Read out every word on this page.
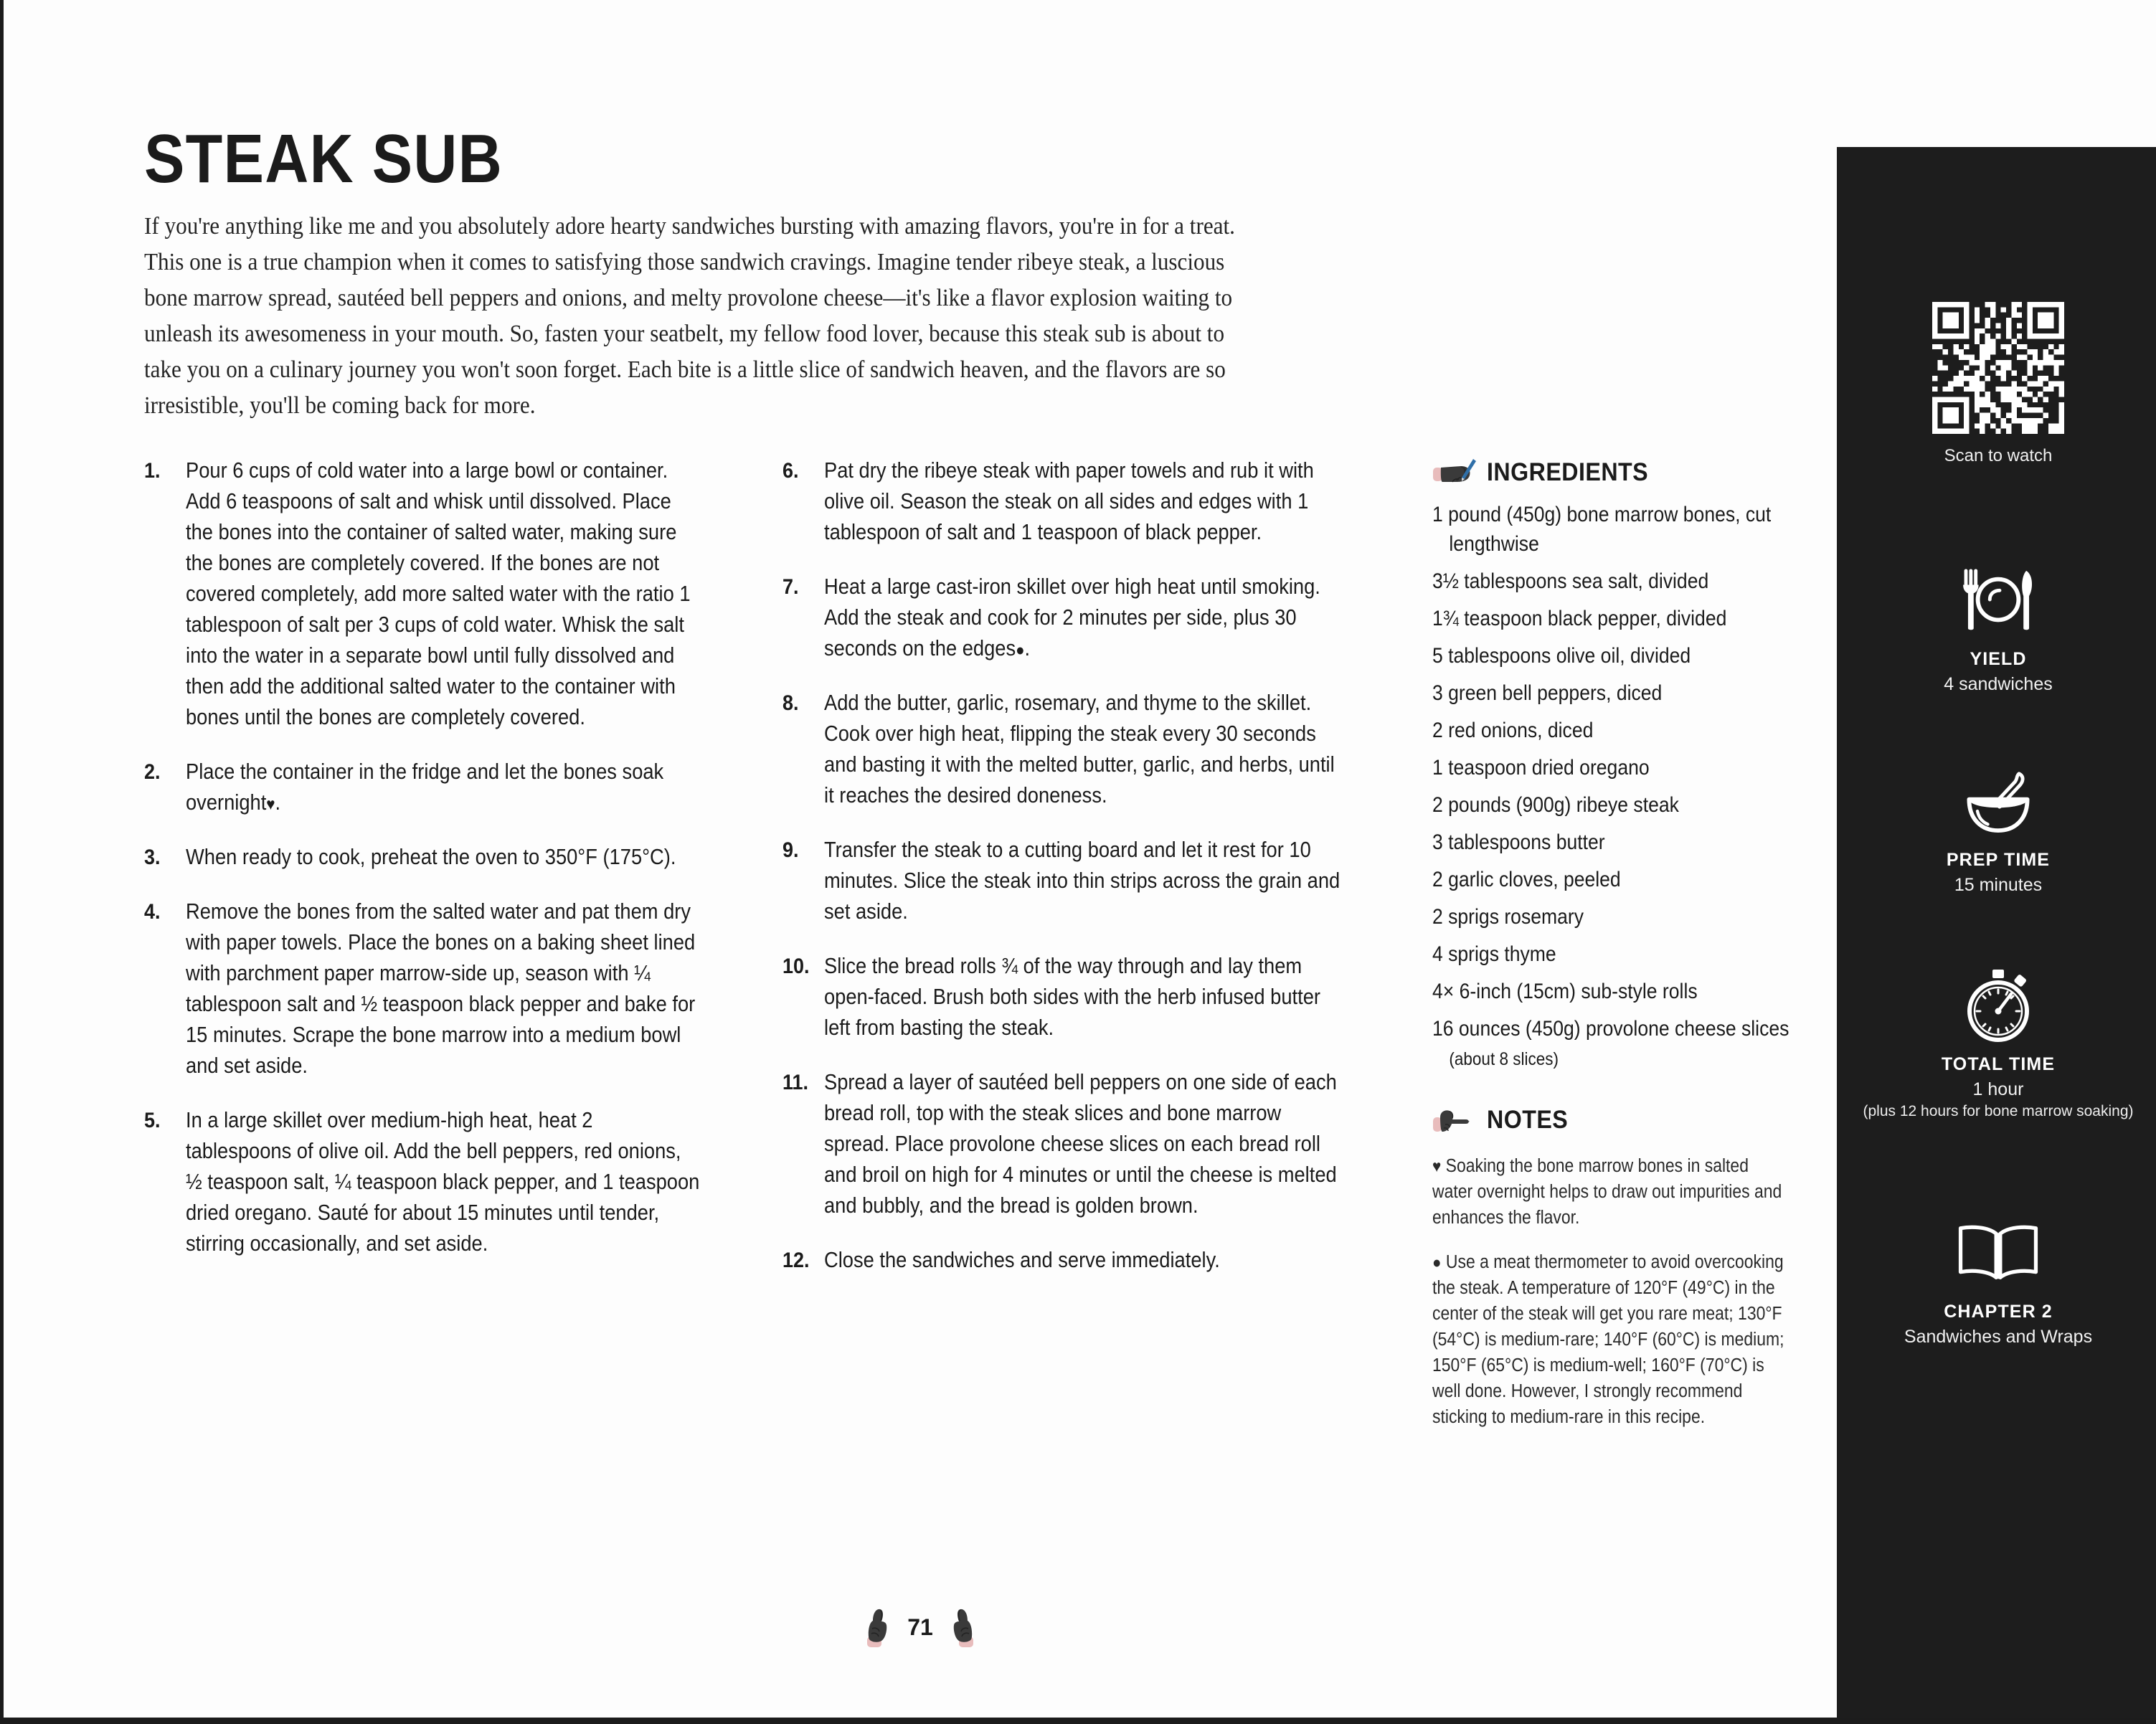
STEAK SUB

If you're anything like me and you absolutely adore hearty sandwiches bursting with amazing flavors, you're in for a treat. This one is a true champion when it comes to satisfying those sandwich cravings. Imagine tender ribeye steak, a luscious bone marrow spread, sautéed bell peppers and onions, and melty provolone cheese—it's like a flavor explosion waiting to unleash its awesomeness in your mouth. So, fasten your seatbelt, my fellow food lover, because this steak sub is about to take you on a culinary journey you won't soon forget. Each bite is a little slice of sandwich heaven, and the flavors are so irresistible, you'll be coming back for more.

1.	Pour 6 cups of cold water into a large bowl or container. Add 6 teaspoons of salt and whisk until dissolved. Place the bones into the container of salted water, making sure the bones are completely covered. If the bones are not covered completely, add more salted water with the ratio 1 tablespoon of salt per 3 cups of cold water. Whisk the salt into the water in a separate bowl until fully dissolved and then add the additional salted water to the container with bones until the bones are completely covered.
2.	Place the container in the fridge and let the bones soak overnight♥.
3.	When ready to cook, preheat the oven to 350°F (175°C).
4.	Remove the bones from the salted water and pat them dry with paper towels. Place the bones on a baking sheet lined with parchment paper marrow-side up, season with ¼ tablespoon salt and ½ teaspoon black pepper and bake for 15 minutes. Scrape the bone marrow into a medium bowl and set aside.
5.	In a large skillet over medium-high heat, heat 2 tablespoons of olive oil. Add the bell peppers, red onions, ½ teaspoon salt, ¼ teaspoon black pepper, and 1 teaspoon dried oregano. Sauté for about 15 minutes until tender, stirring occasionally, and set aside.
6.	Pat dry the ribeye steak with paper towels and rub it with olive oil. Season the steak on all sides and edges with 1 tablespoon of salt and 1 teaspoon of black pepper.
7.	Heat a large cast-iron skillet over high heat until smoking. Add the steak and cook for 2 minutes per side, plus 30 seconds on the edges●.
8.	Add the butter, garlic, rosemary, and thyme to the skillet. Cook over high heat, flipping the steak every 30 seconds and basting it with the melted butter, garlic, and herbs, until it reaches the desired doneness.
9.	Transfer the steak to a cutting board and let it rest for 10 minutes. Slice the steak into thin strips across the grain and set aside.
10. Slice the bread rolls ¾ of the way through and lay them open-faced. Brush both sides with the herb infused butter left from basting the steak.
11. Spread a layer of sautéed bell peppers on one side of each bread roll, top with the steak slices and bone marrow spread. Place provolone cheese slices on each bread roll and broil on high for 4 minutes or until the cheese is melted and bubbly, and the bread is golden brown.
12. Close the sandwiches and serve immediately.
INGREDIENTS
1 pound (450g) bone marrow bones, cut lengthwise
3½ tablespoons sea salt, divided
1¾ teaspoon black pepper, divided
5 tablespoons olive oil, divided
3 green bell peppers, diced
2 red onions, diced
1 teaspoon dried oregano
2 pounds (900g) ribeye steak
3 tablespoons butter
2 garlic cloves, peeled
2 sprigs rosemary
4 sprigs thyme
4× 6-inch (15cm) sub-style rolls
16 ounces (450g) provolone cheese slices (about 8 slices)
NOTES

♥ Soaking the bone marrow bones in salted water overnight helps to draw out impurities and enhances the flavor.

● Use a meat thermometer to avoid overcooking the steak. A temperature of 120°F (49°C) in the center of the steak will get you rare meat; 130°F (54°C) is medium-rare; 140°F (60°C) is medium; 150°F (65°C) is medium-well; 160°F (70°C) is well done. However, I strongly recommend sticking to medium-rare in this recipe.

71
Scan to watch
YIELD
4 sandwiches
PREP TIME
15 minutes
TOTAL TIME
1 hour
(plus 12 hours for bone marrow soaking)
CHAPTER 2
Sandwiches and Wraps
